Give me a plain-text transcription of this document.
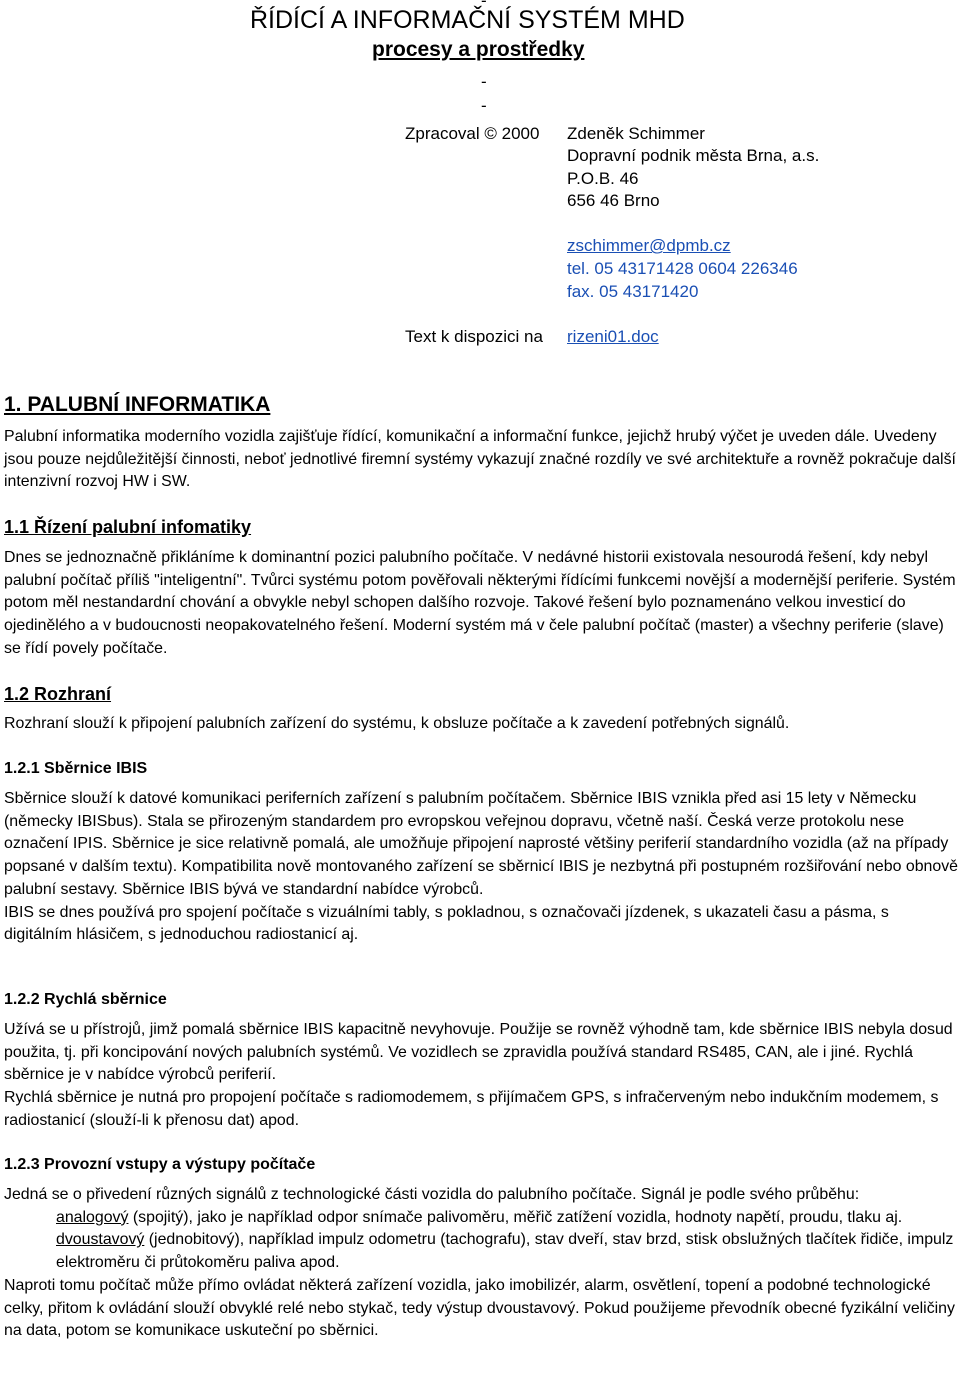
-
ŘÍDÍCÍ A INFORMAČNÍ SYSTÉM MHD
procesy a prostředky
-
-
Zpracoval © 2000 Zdeněk Schimmer
Dopravní podnik města Brna, a.s.
P.O.B. 46
656 46 Brno
zschimmer@dpmb.cz
tel. 05 43171428 0604 226346
fax. 05 43171420
Text k dispozici na rizeni01.doc
1. PALUBNÍ INFORMATIKA

Palubní informatika moderního vozidla zajišťuje řídící, komunikační a informační funkce, jejichž hrubý výčet je uveden dále. Uvedeny jsou pouze nejdůležitější činnosti, neboť jednotlivé firemní systémy vykazují značné rozdíly ve své architektuře a rovněž pokračuje další intenzivní rozvoj HW i SW.

1.1 Řízení palubní infomatiky

Dnes se jednoznačně přikláníme k dominantní pozici palubního počítače. V nedávné historii existovala nesourodá řešení, kdy nebyl palubní počítač příliš "inteligentní". Tvůrci systému potom pověřovali některými řídícími funkcemi novější a modernější periferie. Systém potom měl nestandardní chování a obvykle nebyl schopen dalšího rozvoje. Takové řešení bylo poznamenáno velkou investicí do ojedinělého a v budoucnosti neopakovatelného řešení. Moderní systém má v čele palubní počítač (master) a všechny periferie (slave) se řídí povely počítače.

1.2 Rozhraní

Rozhraní slouží k připojení palubních zařízení do systému, k obsluze počítače a k zavedení potřebných signálů.

1.2.1 Sběrnice IBIS

Sběrnice slouží k datové komunikaci periferních zařízení s palubním počítačem. Sběrnice IBIS vznikla před asi 15 lety v Německu (německy IBISbus). Stala se přirozeným standardem pro evropskou veřejnou dopravu, včetně naší. Česká verze protokolu nese označení IPIS. Sběrnice je sice relativně pomalá, ale umožňuje připojení naprosté většiny periferií standardního vozidla (až na případy popsané v dalším textu). Kompatibilita nově montovaného zařízení se sběrnicí IBIS je nezbytná při postupném rozšiřování nebo obnově palubní sestavy. Sběrnice IBIS bývá ve standardní nabídce výrobců.

IBIS se dnes používá pro spojení počítače s vizuálními tably, s pokladnou, s označovači jízdenek, s ukazateli času a pásma, s digitálním hlásičem, s jednoduchou radiostanicí aj.

1.2.2 Rychlá sběrnice

Užívá se u přístrojů, jimž pomalá sběrnice IBIS kapacitně nevyhovuje. Použije se rovněž výhodně tam, kde sběrnice IBIS nebyla dosud použita, tj. při koncipování nových palubních systémů. Ve vozidlech se zpravidla používá standard RS485, CAN, ale i jiné. Rychlá sběrnice je v nabídce výrobců periferií.

Rychlá sběrnice je nutná pro propojení počítače s radiomodemem, s přijímačem GPS, s infračerveným nebo indukčním modemem, s radiostanicí (slouží-li k přenosu dat) apod.

1.2.3 Provozní vstupy a výstupy počítače

Jedná se o přivedení různých signálů z technologické části vozidla do palubního počítače. Signál je podle svého průběhu:

analogový (spojitý), jako je například odpor snímače palivoměru, měřič zatížení vozidla, hodnoty napětí, proudu, tlaku aj.

dvoustavový (jednobitový), například impulz odometru (tachografu), stav dveří, stav brzd, stisk obslužných tlačítek řidiče, impulz elektroměru či průtokoměru paliva apod.

Naproti tomu počítač může přímo ovládat některá zařízení vozidla, jako imobilizér, alarm, osvětlení, topení a podobné technologické celky, přitom k ovládání slouží obvyklé relé nebo stykač, tedy výstup dvoustavový. Pokud použijeme převodník obecné fyzikální veličiny na data, potom se komunikace uskuteční po sběrnici.
